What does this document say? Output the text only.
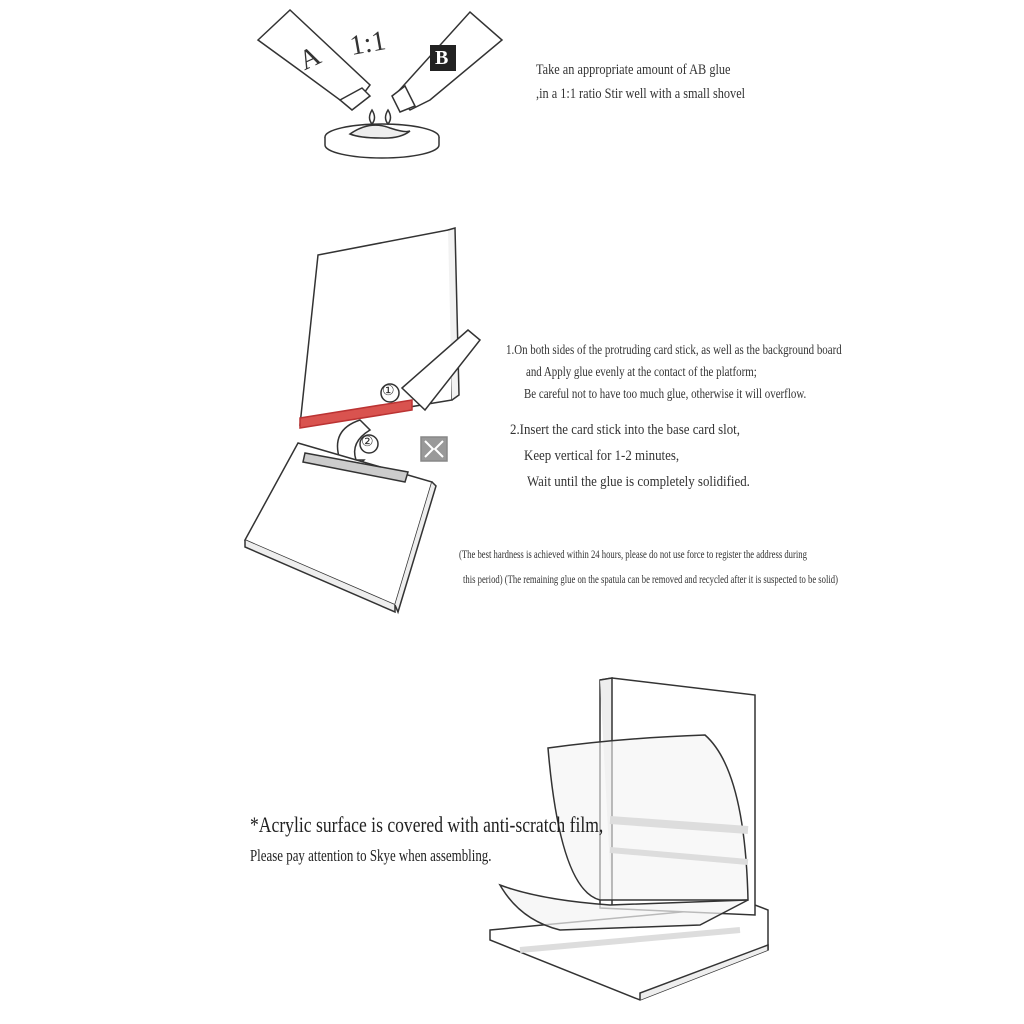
A 1:1 B
①
②
Take an appropriate amount of AB glue
,in a 1:1 ratio Stir well with a small shovel
1.On both sides of the protruding card stick, as well as the background board
and Apply glue evenly at the contact of the platform;
Be careful not to have too much glue, otherwise it will overflow.
2.Insert the card stick into the base card slot,
Keep vertical for 1-2 minutes,
Wait until the glue is completely solidified.
(The best hardness is achieved within 24 hours, please do not use force to register the address during
this period) (The remaining glue on the spatula can be removed and recycled after it is suspected to be solid)
*Acrylic surface is covered with anti-scratch film,
Please pay attention to Skye when assembling.
